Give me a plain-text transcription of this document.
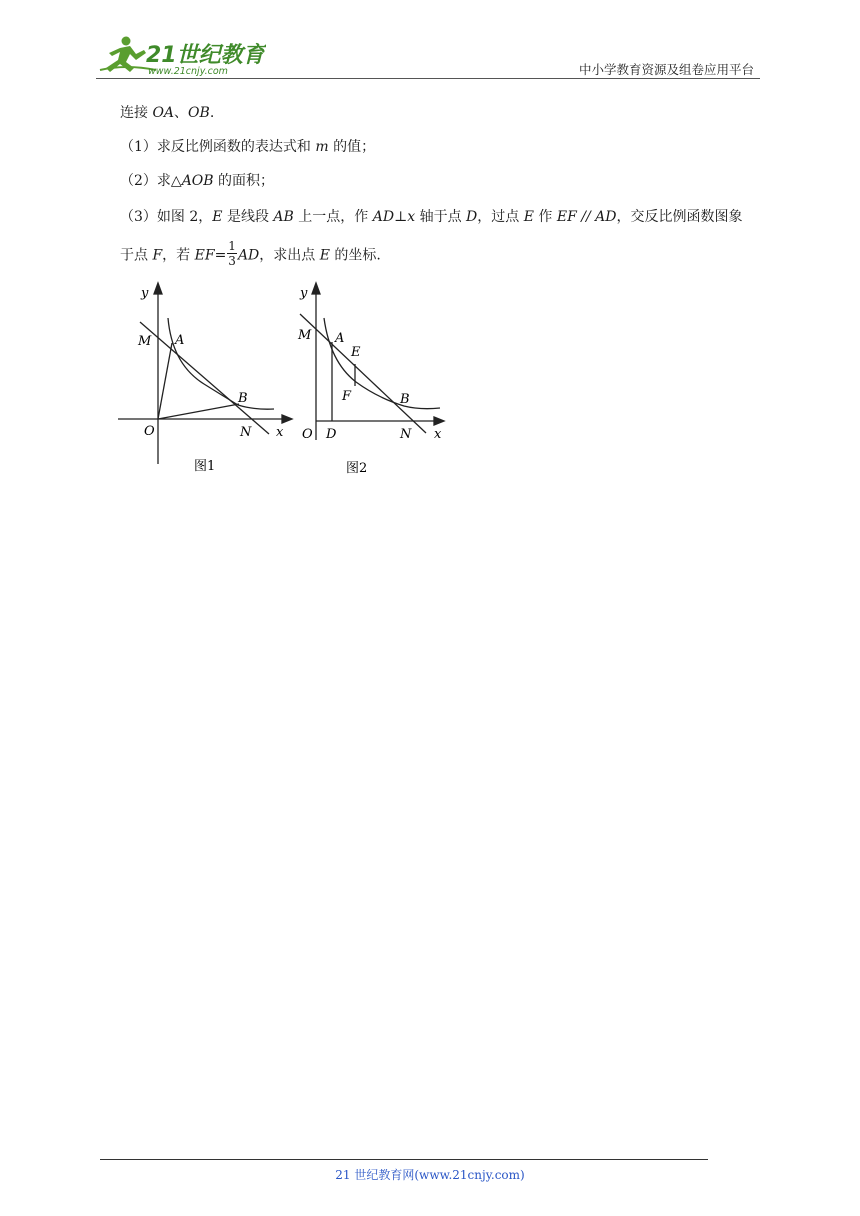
21世纪教育
www.21cnjy.com	中小学教育资源及组卷应用平台
连接 OA、OB.
（1）求反比例函数的表达式和 m 的值；
（2）求△AOB 的面积；
（3）如图 2，E 是线段 AB 上一点，作 AD⊥x 轴于点 D，过点 E 作 EF // AD，交反比例函数图象
于点 F，若 $EF= \frac{1}{3}$ AD，求出点 E 的坐标.
y
M A
B
O	N x
图1
y
M A
E
F	B
O D	N x
图2
21 世纪教育网(www.21cnjy.com)
